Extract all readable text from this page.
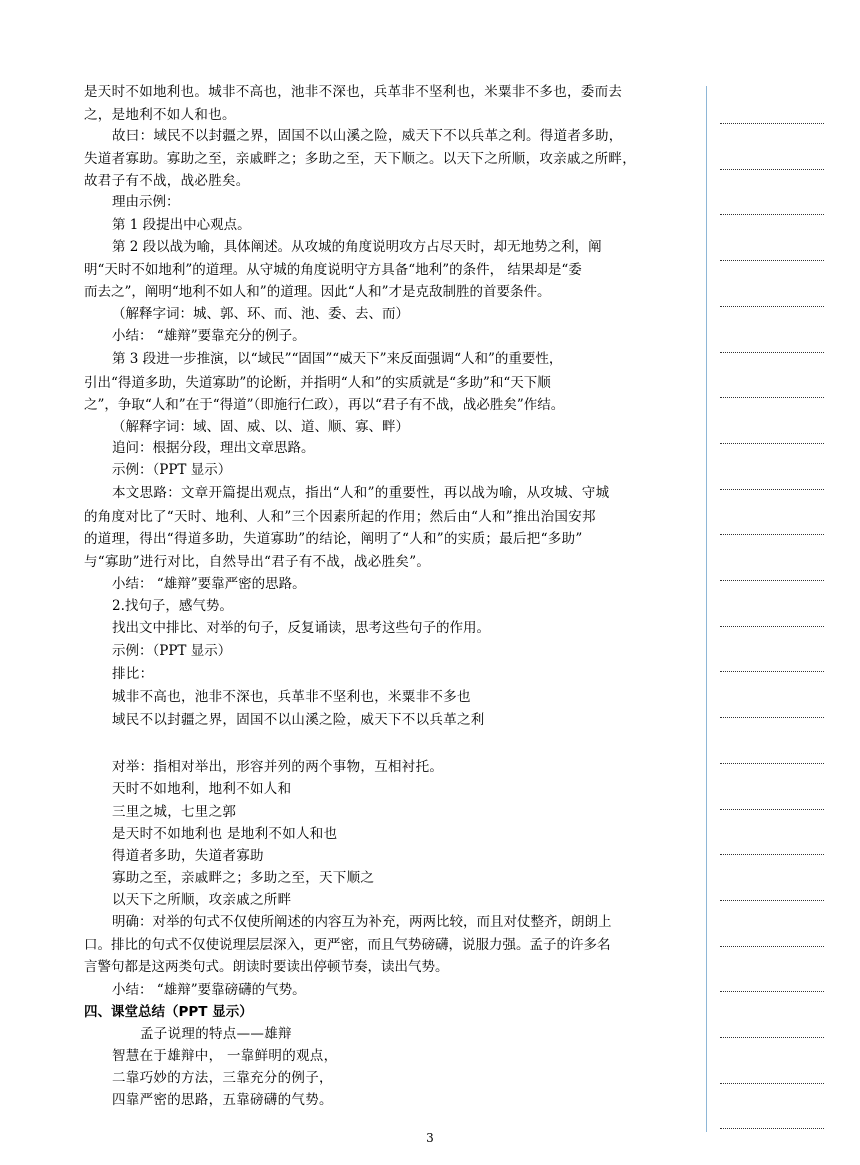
是天时不如地利也。城非不高也，池非不深也，兵革非不坚利也，米粟非不多也，委而去
之，是地利不如人和也。
故曰：域民不以封疆之界，固国不以山溪之险，威天下不以兵革之利。得道者多助，
失道者寡助。寡助之至，亲戚畔之；多助之至，天下顺之。以天下之所顺，攻亲戚之所畔，
故君子有不战，战必胜矣。
理由示例：
第 1 段提出中心观点。
第 2 段以战为喻，具体阐述。从攻城的角度说明攻方占尽天时，却无地势之利，阐
明“天时不如地利”的道理。从守城的角度说明守方具备“地利”的条件， 结果却是“委
而去之”，阐明“地利不如人和”的道理。因此“人和”才是克敌制胜的首要条件。
（解释字词：城、郭、环、而、池、委、去、而）
小结： “雄辩”要靠充分的例子。
第 3 段进一步推演，以“域民”“固国”“威天下”来反面强调“人和”的重要性，
引出“得道多助，失道寡助”的论断，并指明“人和”的实质就是“多助”和“天下顺
之”，争取“人和”在于“得道”（即施行仁政），再以“君子有不战，战必胜矣”作结。
（解释字词：域、固、威、以、道、顺、寡、畔）
追问：根据分段，理出文章思路。
示例：（PPT 显示）
本文思路：文章开篇提出观点，指出“人和”的重要性，再以战为喻，从攻城、守城
的角度对比了“天时、地利、人和”三个因素所起的作用；然后由“人和”推出治国安邦
的道理，得出“得道多助，失道寡助”的结论，阐明了“人和”的实质；最后把“多助”
与“寡助”进行对比，自然导出“君子有不战，战必胜矣”。
小结： “雄辩”要靠严密的思路。
2.找句子，感气势。
找出文中排比、对举的句子，反复诵读，思考这些句子的作用。
示例：（PPT 显示）
排比：
城非不高也，池非不深也，兵革非不坚利也，米粟非不多也
域民不以封疆之界，固国不以山溪之险，威天下不以兵革之利
对举：指相对举出，形容并列的两个事物，互相衬托。
天时不如地利，地利不如人和
三里之城，七里之郭
是天时不如地利也 是地利不如人和也
得道者多助，失道者寡助
寡助之至，亲戚畔之；多助之至，天下顺之
以天下之所顺，攻亲戚之所畔
明确：对举的句式不仅使所阐述的内容互为补充，两两比较，而且对仗整齐，朗朗上
口。排比的句式不仅使说理层层深入，更严密，而且气势磅礴，说服力强。孟子的许多名
言警句都是这两类句式。朗读时要读出停顿节奏，读出气势。
小结： “雄辩”要靠磅礴的气势。
四、课堂总结（PPT 显示）
孟子说理的特点——雄辩
智慧在于雄辩中， 一靠鲜明的观点，
二靠巧妙的方法，三靠充分的例子，
四靠严密的思路，五靠磅礴的气势。
3
